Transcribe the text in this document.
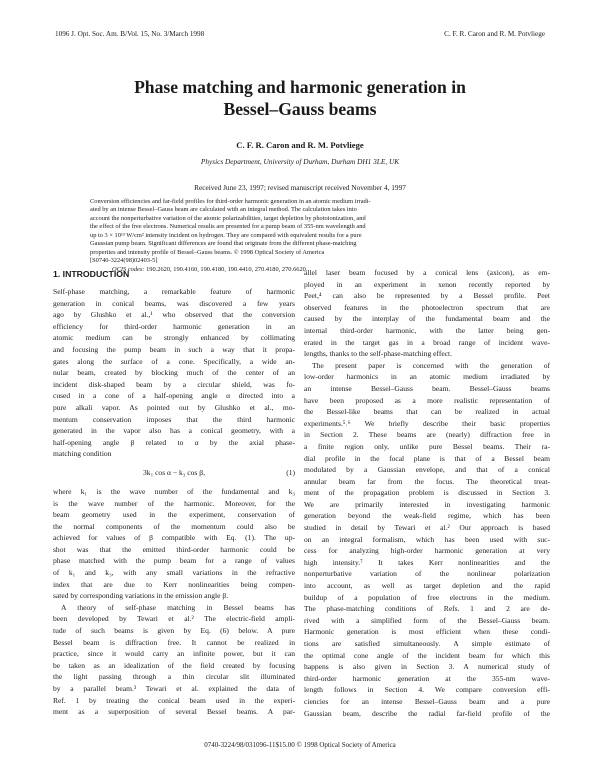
1096 J. Opt. Soc. Am. B/Vol. 15, No. 3/March 1998	C. F. R. Caron and R. M. Potvliege
Phase matching and harmonic generation in
Bessel–Gauss beams
C. F. R. Caron and R. M. Potvliege
Physics Department, University of Durham, Durham DH1 3LE, UK
Received June 23, 1997; revised manuscript received November 4, 1997
Conversion efficiencies and far-field profiles for third-order harmonic generation in an atomic medium irradi-
ated by an intense Bessel–Gauss beam are calculated with an integral method. The calculation takes into
account the nonperturbative variation of the atomic polarizabilities, target depletion by photoionization, and
the effect of the free electrons. Numerical results are presented for a pump beam of 355-nm wavelength and
up to 3 × 10¹³ W/cm² intensity incident on hydrogen. They are compared with equivalent results for a pure
Gaussian pump beam. Significant differences are found that originate from the different phase-matching
properties and intensity profile of Bessel–Gauss beams. © 1998 Optical Society of America
[S0740-3224(98)02403-5]
OCIS codes: 190.2620, 190.4160, 190.4180, 190.4410, 270.4180, 270.6620.
1. INTRODUCTION
Self-phase matching, a remarkable feature of harmonic
generation in conical beams, was discovered a few years
ago by Glushko et al.,¹ who observed that the conversion
efficiency for third-order harmonic generation in an
atomic medium can be strongly enhanced by collimating
and focusing the pump beam in such a way that it propa-
gates along the surface of a cone. Specifically, a wide an-
nular beam, created by blocking much of the center of an
incident disk-shaped beam by a circular shield, was fo-
cused in a cone of a half-opening angle α directed into a
pure alkali vapor. As pointed out by Glushko et al., mo-
mentum conservation imposes that the third harmonic
generated in the vapor also has a conical geometry, with a
half-opening angle β related to α by the axial phase-
matching condition
3k₁ cos α − k₃ cos β,	(1)
where k₁ is the wave number of the fundamental and k₃
is the wave number of the harmonic. Moreover, for the
beam geometry used in the experiment, conservation of
the normal components of the momentum could also be
achieved for values of β compatible with Eq. (1). The up-
shot was that the emitted third-order harmonic could be
phase matched with the pump beam for a range of values
of k₁ and k₃, with any small variations in the refractive
index that are due to Kerr nonlinearities being compen-
sated by corresponding variations in the emission angle β.
A theory of self-phase matching in Bessel beams has
been developed by Tewari et al.² The electric-field ampli-
tude of such beams is given by Eq. (6) below. A pure
Bessel beam is diffraction free. It cannot be realized in
practice, since it would carry an infinite power, but it can
be taken as an idealization of the field created by focusing
the light passing through a thin circular slit illuminated
by a parallel beam.³ Tewari et al. explained the data of
Ref. 1 by treating the conical beam used in the experi-
ment as a superposition of several Bessel beams. A par-
allel laser beam focused by a conical lens (axicon), as em-
ployed in an experiment in xenon recently reported by
Peet,⁴ can also be represented by a Bessel profile. Peet
observed features in the photoelectron spectrum that are
caused by the interplay of the fundamental beam and the
internal third-order harmonic, with the latter being gen-
erated in the target gas in a broad range of incident wave-
lengths, thanks to the self-phase-matching effect.
The present paper is concerned with the generation of
low-order harmonics in an atomic medium irradiated by
an intense Bessel–Gauss beam. Bessel–Gauss beams
have been proposed as a more realistic representation of
the Bessel-like beams that can be realized in actual
experiments.⁵˒⁶ We briefly describe their basic properties
in Section 2. These beams are (nearly) diffraction free in
a finite region only, unlike pure Bessel beams. Their ra-
dial profile in the focal plane is that of a Bessel beam
modulated by a Gaussian envelope, and that of a conical
annular beam far from the focus. The theoretical treat-
ment of the propagation problem is discussed in Section 3.
We are primarily interested in investigating harmonic
generation beyond the weak-field regime, which has been
studied in detail by Tewari et al.² Our approach is based
on an integral formalism, which has been used with suc-
cess for analyzing high-order harmonic generation at very
high intensity.⁷ It takes Kerr nonlinearities and the
nonperturbative variation of the nonlinear polarization
into account, as well as target depletion and the rapid
buildup of a population of free electrons in the medium.
The phase-matching conditions of Refs. 1 and 2 are de-
rived with a simplified form of the Bessel–Gauss beam.
Harmonic generation is most efficient when these condi-
tions are satisfied simultaneously. A simple estimate of
the optimal cone angle of the incident beam for which this
happens is also given in Section 3. A numerical study of
third-order harmonic generation at the 355-nm wave-
length follows in Section 4. We compare conversion effi-
ciencies for an intense Bessel–Gauss beam and a pure
Gaussian beam, describe the radial far-field profile of the
0740-3224/98/031096-11$15.00 © 1998 Optical Society of America
